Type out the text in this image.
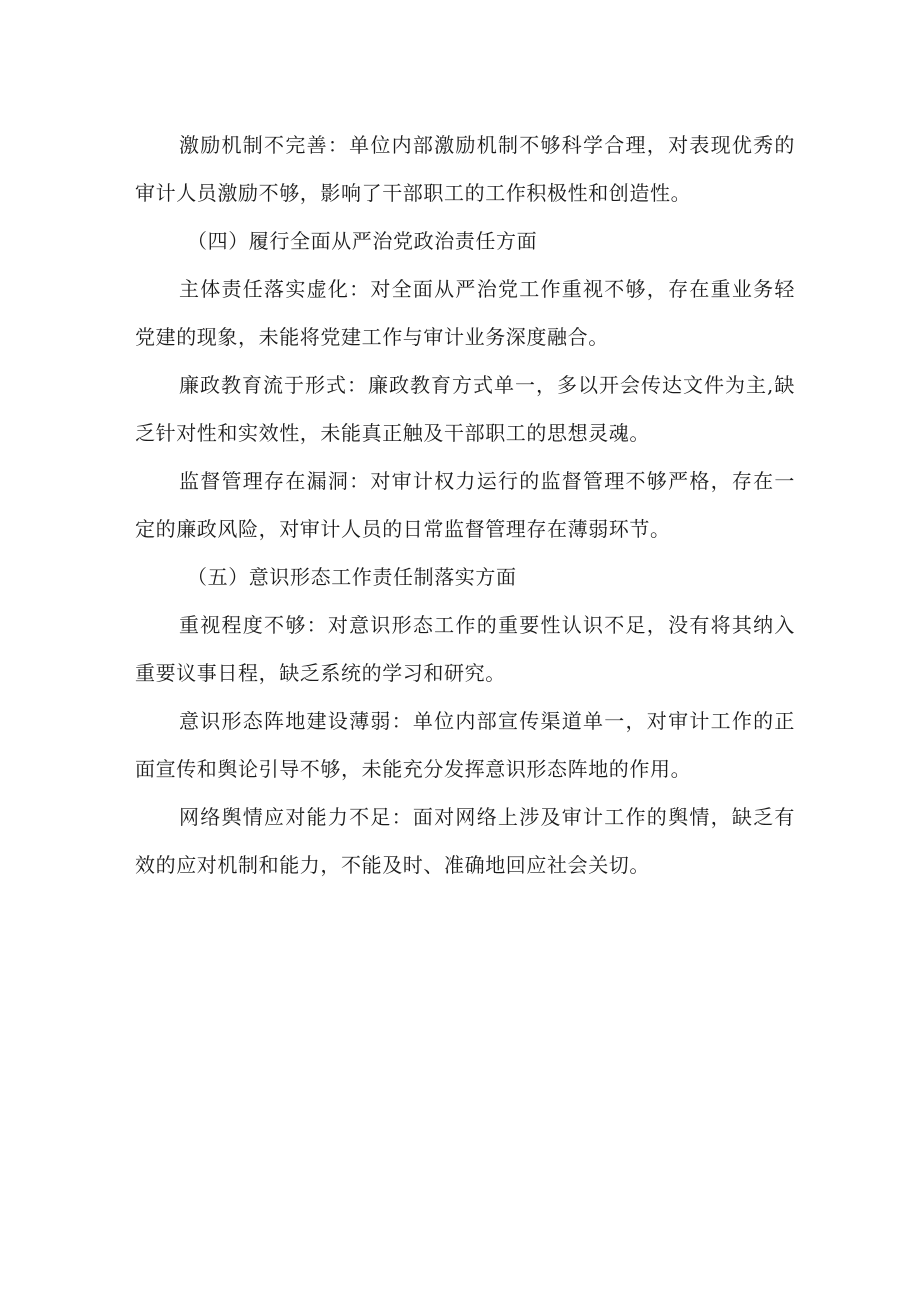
激励机制不完善：单位内部激励机制不够科学合理，对表现优秀的审计人员激励不够，影响了干部职工的工作积极性和创造性。

（四）履行全面从严治党政治责任方面

主体责任落实虚化：对全面从严治党工作重视不够，存在重业务轻党建的现象，未能将党建工作与审计业务深度融合。

廉政教育流于形式：廉政教育方式单一，多以开会传达文件为主,缺乏针对性和实效性，未能真正触及干部职工的思想灵魂。

监督管理存在漏洞：对审计权力运行的监督管理不够严格，存在一定的廉政风险，对审计人员的日常监督管理存在薄弱环节。

（五）意识形态工作责任制落实方面

重视程度不够：对意识形态工作的重要性认识不足，没有将其纳入重要议事日程，缺乏系统的学习和研究。

意识形态阵地建设薄弱：单位内部宣传渠道单一，对审计工作的正面宣传和舆论引导不够，未能充分发挥意识形态阵地的作用。

网络舆情应对能力不足：面对网络上涉及审计工作的舆情，缺乏有效的应对机制和能力，不能及时、准确地回应社会关切。
